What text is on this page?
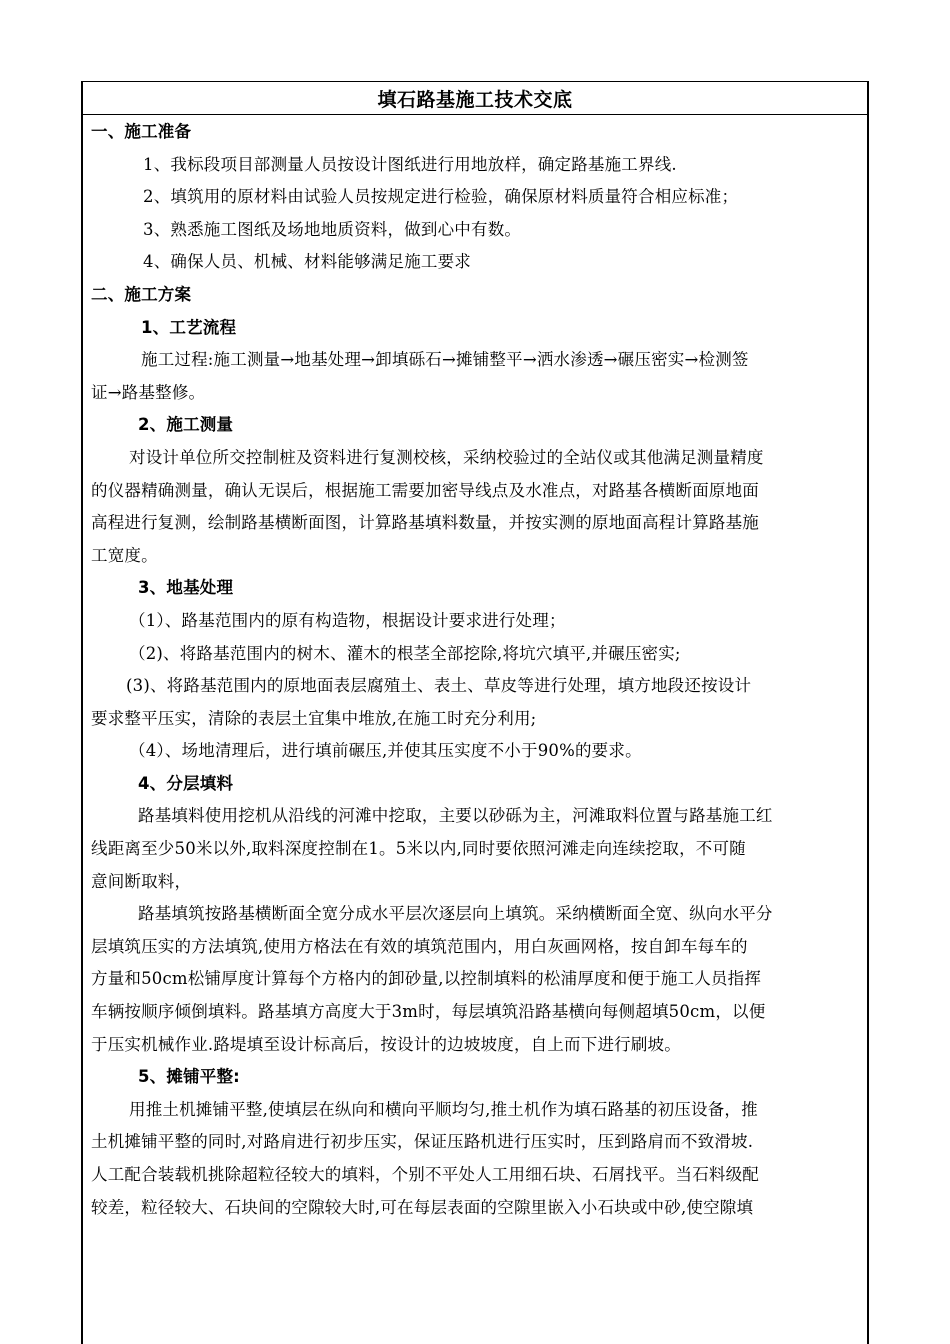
填石路基施工技术交底
一、施工准备
1、我标段项目部测量人员按设计图纸进行用地放样，确定路基施工界线.
2、填筑用的原材料由试验人员按规定进行检验，确保原材料质量符合相应标准；
3、熟悉施工图纸及场地地质资料，做到心中有数。
4、确保人员、机械、材料能够满足施工要求
二、施工方案
1、工艺流程
施工过程:施工测量→地基处理→卸填砾石→摊铺整平→洒水渗透→碾压密实→检测签
证→路基整修。
2、施工测量
对设计单位所交控制桩及资料进行复测校核，采纳校验过的全站仪或其他满足测量精度
的仪器精确测量，确认无误后，根据施工需要加密导线点及水准点，对路基各横断面原地面
高程进行复测，绘制路基横断面图，计算路基填料数量，并按实测的原地面高程计算路基施
工宽度。
3、地基处理
（1）、路基范围内的原有构造物，根据设计要求进行处理；
（2)、将路基范围内的树木、灌木的根茎全部挖除,将坑穴填平,并碾压密实;
(3)、将路基范围内的原地面表层腐殖土、表土、草皮等进行处理，填方地段还按设计
要求整平压实，清除的表层土宜集中堆放,在施工时充分利用;
（4）、场地清理后，进行填前碾压,并使其压实度不小于90%的要求。
4、分层填料
路基填料使用挖机从沿线的河滩中挖取，主要以砂砾为主，河滩取料位置与路基施工红
线距离至少50米以外,取料深度控制在1。5米以内,同时要依照河滩走向连续挖取，不可随
意间断取料，
路基填筑按路基横断面全宽分成水平层次逐层向上填筑。采纳横断面全宽、纵向水平分
层填筑压实的方法填筑,使用方格法在有效的填筑范围内，用白灰画网格，按自卸车每车的
方量和50cm松铺厚度计算每个方格内的卸砂量,以控制填料的松浦厚度和便于施工人员指挥
车辆按顺序倾倒填料。路基填方高度大于3m时，每层填筑沿路基横向每侧超填50cm，以便
于压实机械作业.路堤填至设计标高后，按设计的边坡坡度，自上而下进行刷坡。
5、摊铺平整:
用推土机摊铺平整,使填层在纵向和横向平顺均匀,推土机作为填石路基的初压设备，推
土机摊铺平整的同时,对路肩进行初步压实，保证压路机进行压实时，压到路肩而不致滑坡.
人工配合装载机挑除超粒径较大的填料，个别不平处人工用细石块、石屑找平。当石料级配
较差，粒径较大、石块间的空隙较大时,可在每层表面的空隙里嵌入小石块或中砂,使空隙填
